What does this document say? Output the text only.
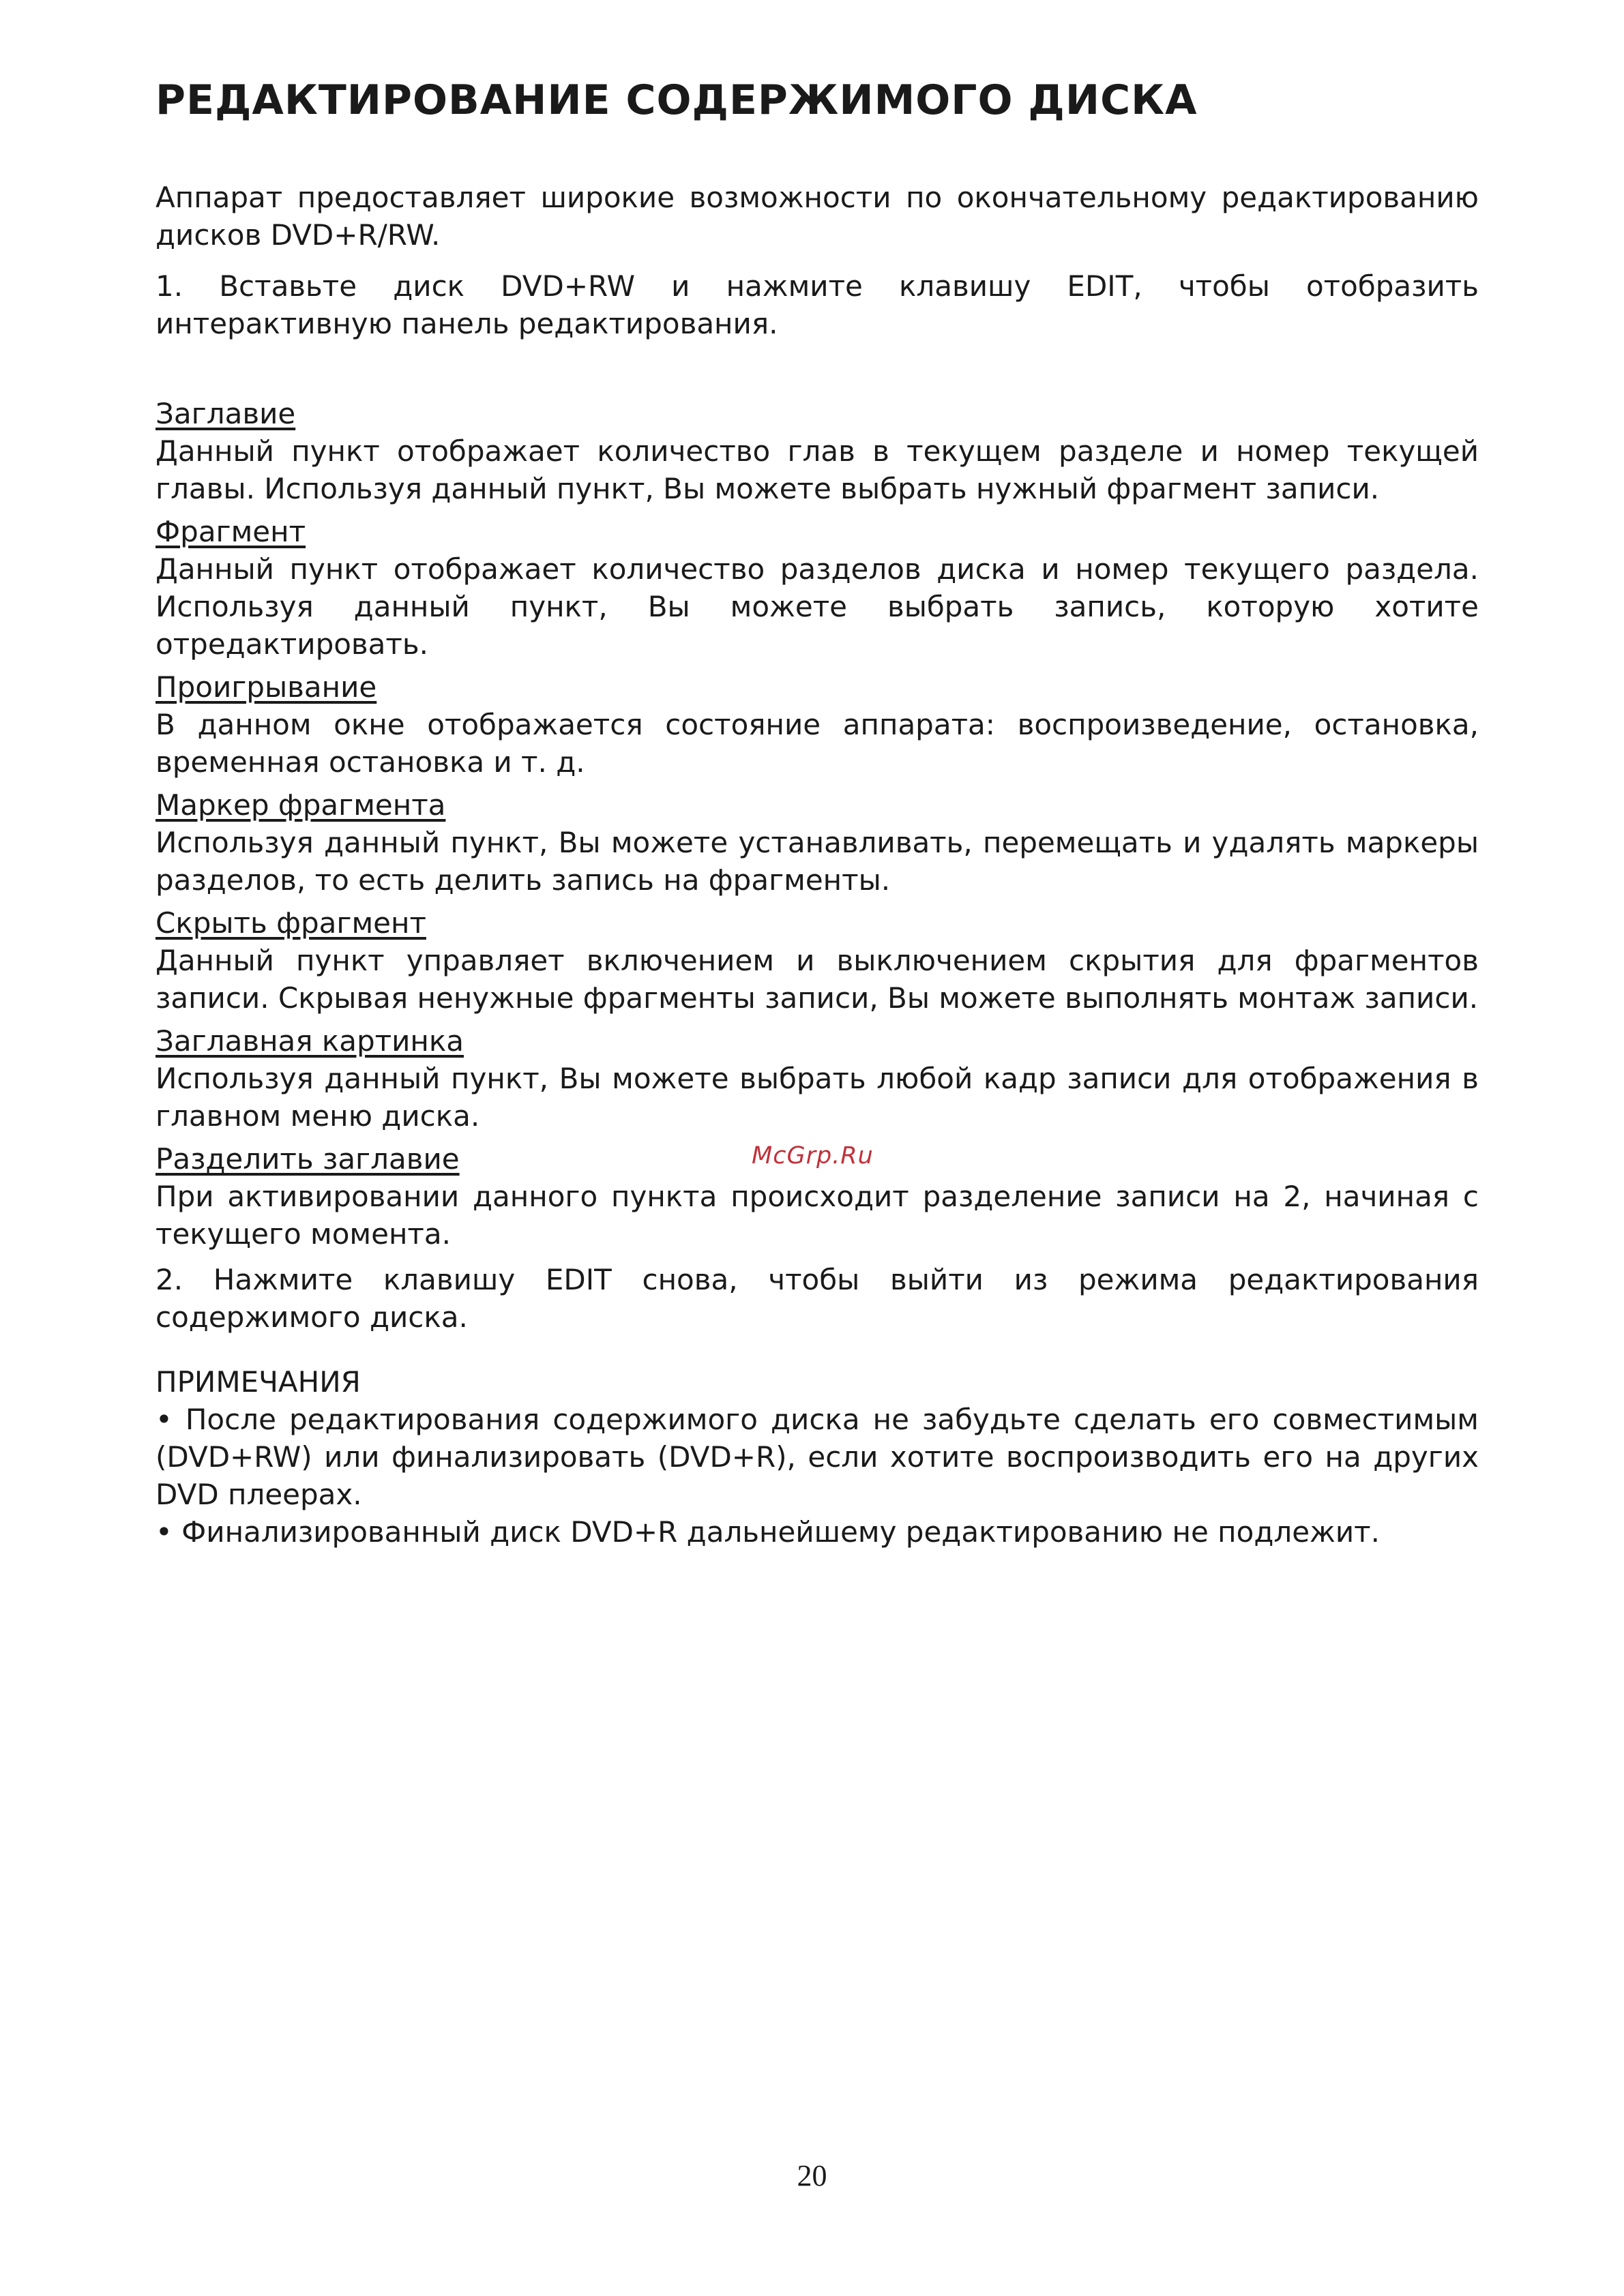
РЕДАКТИРОВАНИЕ СОДЕРЖИМОГО ДИСКА

Аппарат предоставляет широкие возможности по окончательному редактированию дисков DVD+R/RW.

1. Вставьте диск DVD+RW и нажмите клавишу EDIT, чтобы отобразить интерактивную панель редактирования.

Заглавие

Данный пункт отображает количество глав в текущем разделе и номер текущей главы. Используя данный пункт, Вы можете выбрать нужный фрагмент записи.

Фрагмент

Данный пункт отображает количество разделов диска и номер текущего раздела. Используя данный пункт, Вы можете выбрать запись, которую хотите отредактировать.

Проигрывание

В данном окне отображается состояние аппарата: воспроизведение, остановка, временная остановка и т. д.

Маркер фрагмента

Используя данный пункт, Вы можете устанавливать, перемещать и удалять маркеры разделов, то есть делить запись на фрагменты.

Скрыть фрагмент

Данный пункт управляет включением и выключением скрытия для фрагментов записи. Скрывая ненужные фрагменты записи, Вы можете выполнять монтаж записи.

Заглавная картинка

Используя данный пункт, Вы можете выбрать любой кадр записи для отображения в главном меню диска.

Разделить заглавие

При активировании данного пункта происходит разделение записи на 2, начиная с текущего момента.

2. Нажмите клавишу EDIT снова, чтобы выйти из режима редактирования содержимого диска.

ПРИМЕЧАНИЯ

• После редактирования содержимого диска не забудьте сделать его совместимым (DVD+RW) или финализировать (DVD+R), если хотите воспроизводить его на других DVD плеерах.

• Финализированный диск DVD+R дальнейшему редактированию не подлежит.

McGrp.Ru
20
